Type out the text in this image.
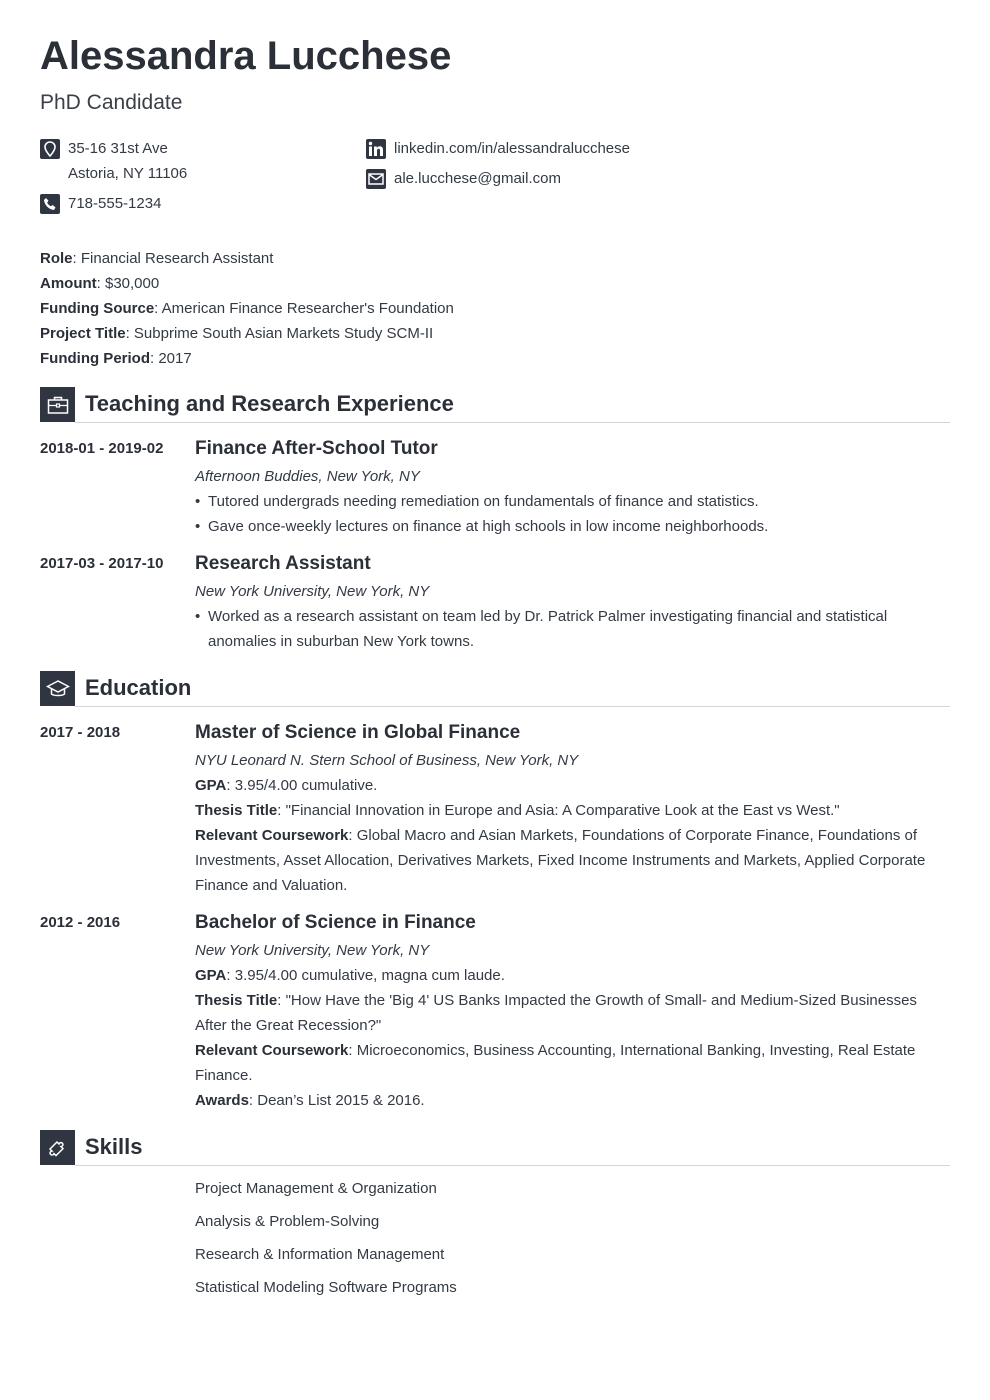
Alessandra Lucchese
PhD Candidate
35-16 31st Ave
Astoria, NY 11106
718-555-1234
linkedin.com/in/alessandralucchese
ale.lucchese@gmail.com
Role: Financial Research Assistant
Amount: $30,000
Funding Source: American Finance Researcher's Foundation
Project Title: Subprime South Asian Markets Study SCM-II
Funding Period: 2017
Teaching and Research Experience
2018-01 - 2019-02 Finance After-School Tutor
Afternoon Buddies, New York, NY
• Tutored undergrads needing remediation on fundamentals of finance and statistics.
• Gave once-weekly lectures on finance at high schools in low income neighborhoods.
2017-03 - 2017-10 Research Assistant
New York University, New York, NY
• Worked as a research assistant on team led by Dr. Patrick Palmer investigating financial and statistical anomalies in suburban New York towns.
Education
2017 - 2018	Master of Science in Global Finance
NYU Leonard N. Stern School of Business, New York, NY
GPA: 3.95/4.00 cumulative.
Thesis Title: "Financial Innovation in Europe and Asia: A Comparative Look at the East vs West."
Relevant Coursework: Global Macro and Asian Markets, Foundations of Corporate Finance, Foundations of Investments, Asset Allocation, Derivatives Markets, Fixed Income Instruments and Markets, Applied Corporate Finance and Valuation.
2012 - 2016	Bachelor of Science in Finance
New York University, New York, NY
GPA: 3.95/4.00 cumulative, magna cum laude.
Thesis Title: "How Have the 'Big 4' US Banks Impacted the Growth of Small- and Medium-Sized Businesses After the Great Recession?"
Relevant Coursework: Microeconomics, Business Accounting, International Banking, Investing, Real Estate Finance.
Awards: Dean’s List 2015 & 2016.
Skills
Project Management & Organization
Analysis & Problem-Solving
Research & Information Management
Statistical Modeling Software Programs
